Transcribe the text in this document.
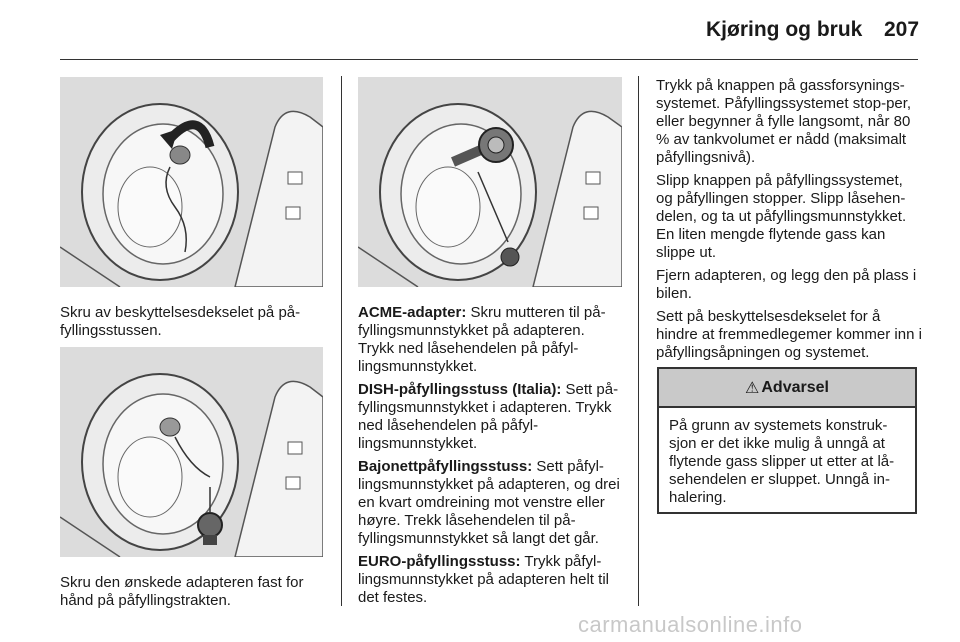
Kjøring og bruk 207
Skru av beskyttelsesdekselet på på-fyllingsstussen.
Skru den ønskede adapteren fast for hånd på påfyllingstrakten.

ACME-adapter: Skru mutteren til på-fyllingsmunnstykket på adapteren. Trykk ned låsehendelen på påfyl-lingsmunnstykket.

DISH-påfyllingsstuss (Italia): Sett på-fyllingsmunnstykket i adapteren. Trykk ned låsehendelen på påfyl-lingsmunnstykket.

Bajonettpåfyllingsstuss: Sett påfyl-lingsmunnstykket på adapteren, og drei en kvart omdreining mot venstre eller høyre. Trekk låsehendelen til på-fyllingsmunnstykket så langt det går.

EURO-påfyllingsstuss: Trykk påfyl-lingsmunnstykket på adapteren helt til det festes.

Trykk på knappen på gassforsynings-systemet. Påfyllingssystemet stop-per, eller begynner å fylle langsomt, når 80 % av tankvolumet er nådd (maksimalt påfyllingsnivå).

Slipp knappen på påfyllingssystemet, og påfyllingen stopper. Slipp låsehen-delen, og ta ut påfyllingsmunnstykket. En liten mengde flytende gass kan slippe ut.

Fjern adapteren, og legg den på plass i bilen.

Sett på beskyttelsesdekselet for å hindre at fremmedlegemer kommer inn i påfyllingsåpningen og systemet.

⚠ Advarsel
På grunn av systemets konstruk-sjon er det ikke mulig å unngå at flytende gass slipper ut etter at lå-sehendelen er sluppet. Unngå in-halering.
carmanualsonline.info
